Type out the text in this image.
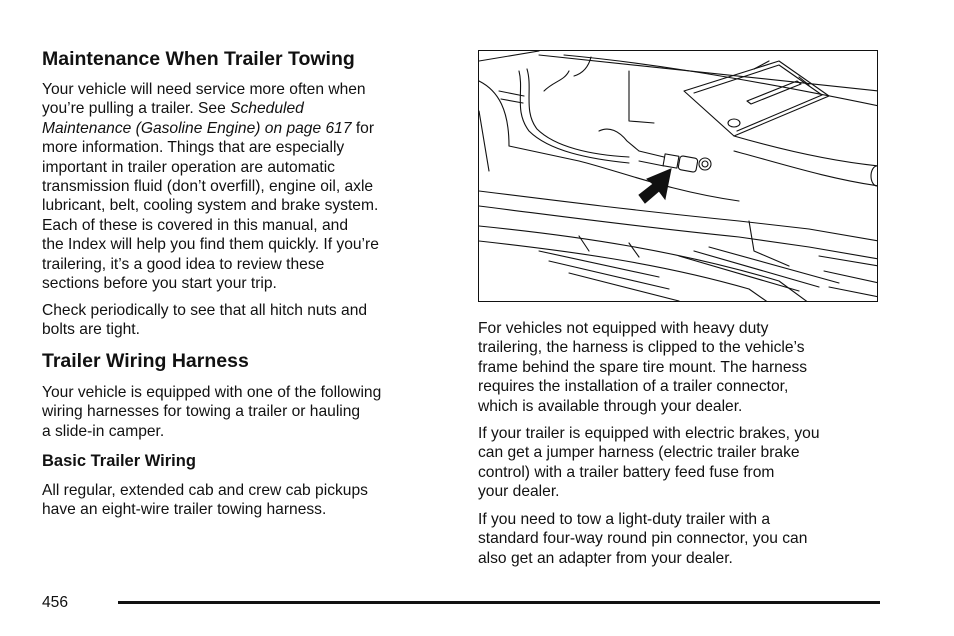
Maintenance When Trailer Towing

Your vehicle will need service more often when
you’re pulling a trailer. See Scheduled
Maintenance (Gasoline Engine) on page 617 for
more information. Things that are especially
important in trailer operation are automatic
transmission fluid (don’t overfill), engine oil, axle
lubricant, belt, cooling system and brake system.
Each of these is covered in this manual, and
the Index will help you find them quickly. If you’re
trailering, it’s a good idea to review these
sections before you start your trip.

Check periodically to see that all hitch nuts and
bolts are tight.

Trailer Wiring Harness

Your vehicle is equipped with one of the following
wiring harnesses for towing a trailer or hauling
a slide-in camper.

Basic Trailer Wiring

All regular, extended cab and crew cab pickups
have an eight-wire trailer towing harness.

For vehicles not equipped with heavy duty
trailering, the harness is clipped to the vehicle’s
frame behind the spare tire mount. The harness
requires the installation of a trailer connector,
which is available through your dealer.

If your trailer is equipped with electric brakes, you
can get a jumper harness (electric trailer brake
control) with a trailer battery feed fuse from
your dealer.

If you need to tow a light-duty trailer with a
standard four-way round pin connector, you can
also get an adapter from your dealer.

456
